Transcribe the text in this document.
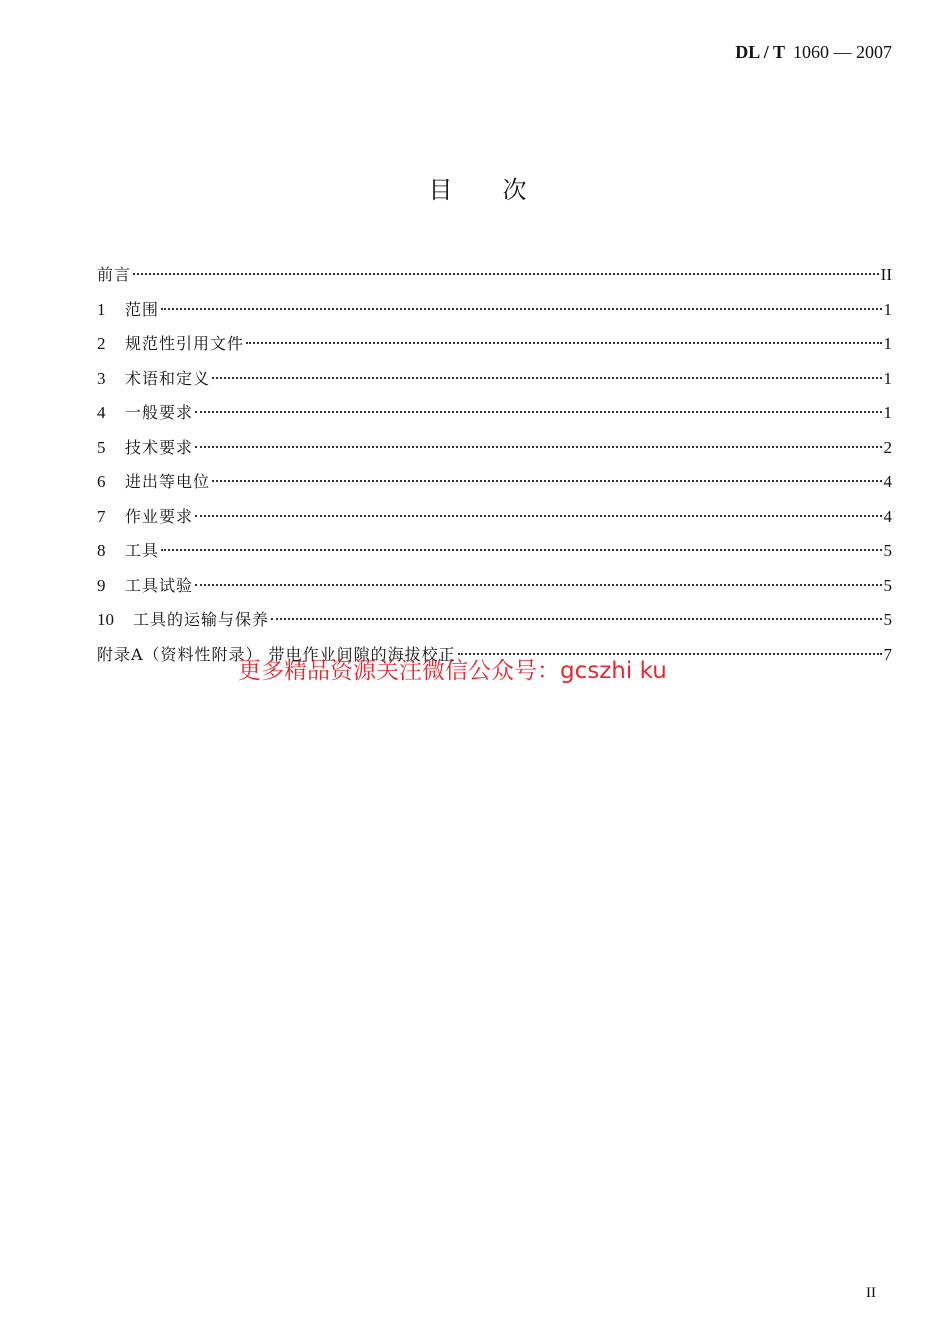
DL / T 1060 — 2007
目次
前言	II
1	范围	1
2	规范性引用文件	1
3	术语和定义	1
4	一般要求	1
5	技术要求	2
6	进出等电位	4
7	作业要求	4
8	工具	5
9	工具试验	5
10	工具的运输与保养	5
附录A（资料性附录） 带电作业间隙的海拔校正	7
更多精品资源关注微信公众号：gcszhi ku
II
